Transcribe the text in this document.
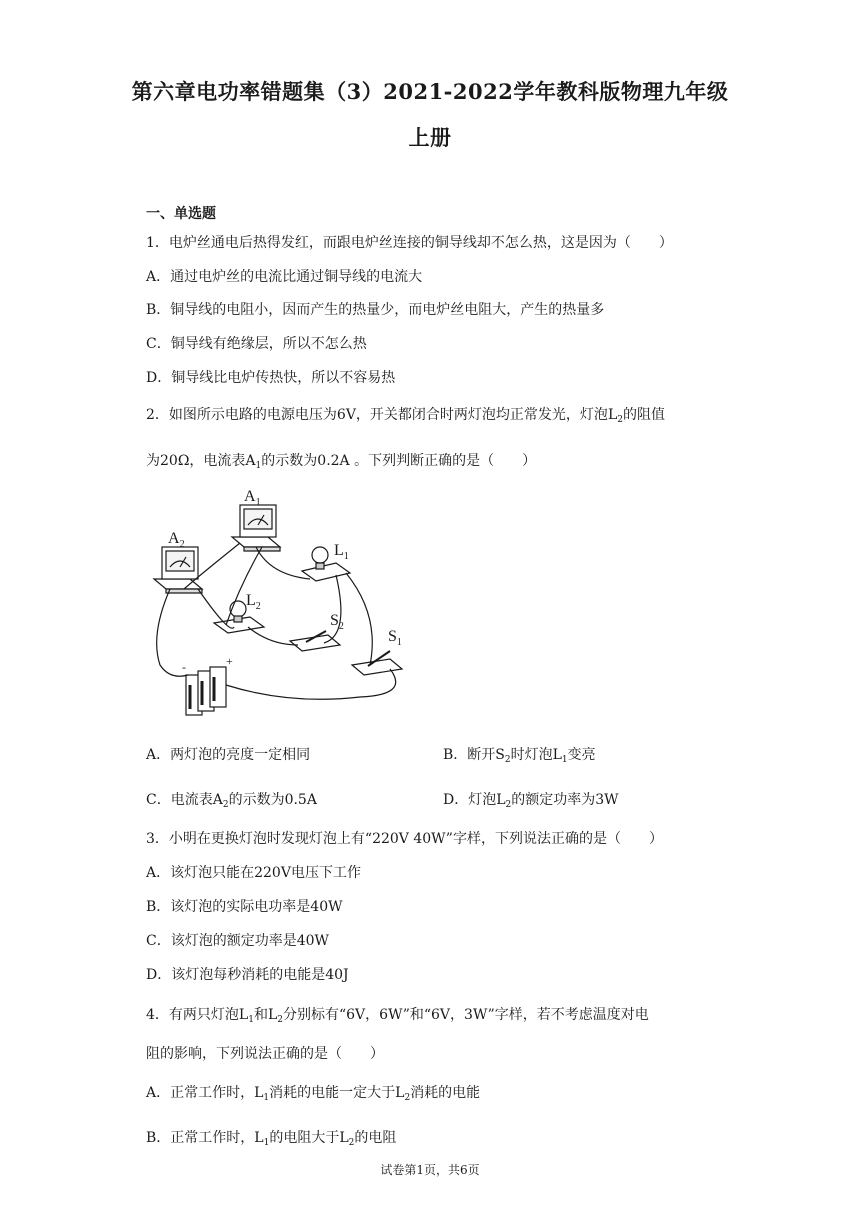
第六章电功率错题集（3）2021-2022学年教科版物理九年级
上册
一、单选题
1．电炉丝通电后热得发红，而跟电炉丝连接的铜导线却不怎么热，这是因为（　　）
A．通过电炉丝的电流比通过铜导线的电流大
B．铜导线的电阻小，因而产生的热量少，而电炉丝电阻大，产生的热量多
C．铜导线有绝缘层，所以不怎么热
D．铜导线比电炉传热快，所以不容易热
2．如图所示电路的电源电压为6V，开关都闭合时两灯泡均正常发光，灯泡$L_2$的阻值
为20Ω，电流表$A_1$的示数为0.2A 。下列判断正确的是（　　）
$A_1$
$A_2$	$L_1$
$L_2$
$S_2$
$S_1$
-	+
A．两灯泡的亮度一定相同	B．断开$S_2$时灯泡$L_1$变亮
C．电流表$A_2$的示数为0.5A	D．灯泡$L_2$的额定功率为3W
3．小明在更换灯泡时发现灯泡上有“220V 40W”字样，下列说法正确的是（　　）
A．该灯泡只能在220V电压下工作
B．该灯泡的实际电功率是40W
C．该灯泡的额定功率是40W
D．该灯泡每秒消耗的电能是40J
4．有两只灯泡$L_1$和$L_2$分别标有“6V，6W”和“6V，3W”字样，若不考虑温度对电
阻的影响，下列说法正确的是（　　）
A．正常工作时，$L_1$消耗的电能一定大于$L_2$消耗的电能
B．正常工作时，$L_1$的电阻大于$L_2$的电阻
试卷第1页，共6页
